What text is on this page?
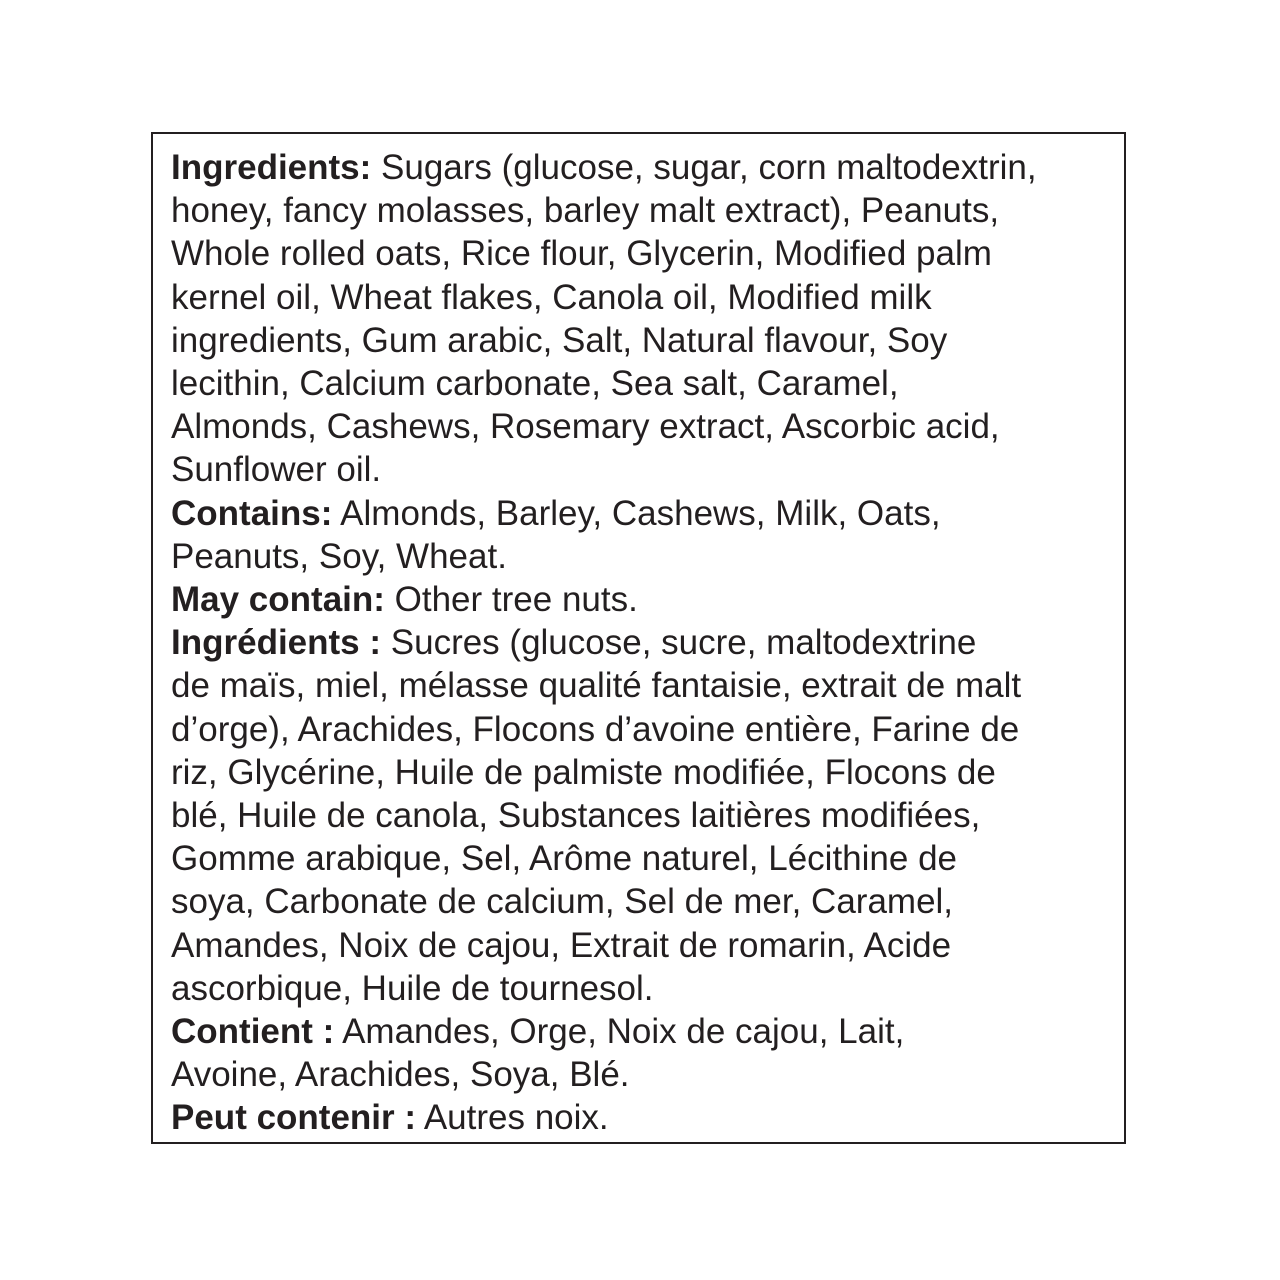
Ingredients: Sugars (glucose, sugar, corn maltodextrin,
honey, fancy molasses, barley malt extract), Peanuts,
Whole rolled oats, Rice flour, Glycerin, Modified palm
kernel oil, Wheat flakes, Canola oil, Modified milk
ingredients, Gum arabic, Salt, Natural flavour, Soy
lecithin, Calcium carbonate, Sea salt, Caramel,
Almonds, Cashews, Rosemary extract, Ascorbic acid,
Sunflower oil.

Contains: Almonds, Barley, Cashews, Milk, Oats,
Peanuts, Soy, Wheat.

May contain: Other tree nuts.

Ingrédients : Sucres (glucose, sucre, maltodextrine
de maïs, miel, mélasse qualité fantaisie, extrait de malt
d’orge), Arachides, Flocons d’avoine entière, Farine de
riz, Glycérine, Huile de palmiste modifiée, Flocons de
blé, Huile de canola, Substances laitières modifiées,
Gomme arabique, Sel, Arôme naturel, Lécithine de
soya, Carbonate de calcium, Sel de mer, Caramel,
Amandes, Noix de cajou, Extrait de romarin, Acide
ascorbique, Huile de tournesol.

Contient : Amandes, Orge, Noix de cajou, Lait,
Avoine, Arachides, Soya, Blé.

Peut contenir : Autres noix.
